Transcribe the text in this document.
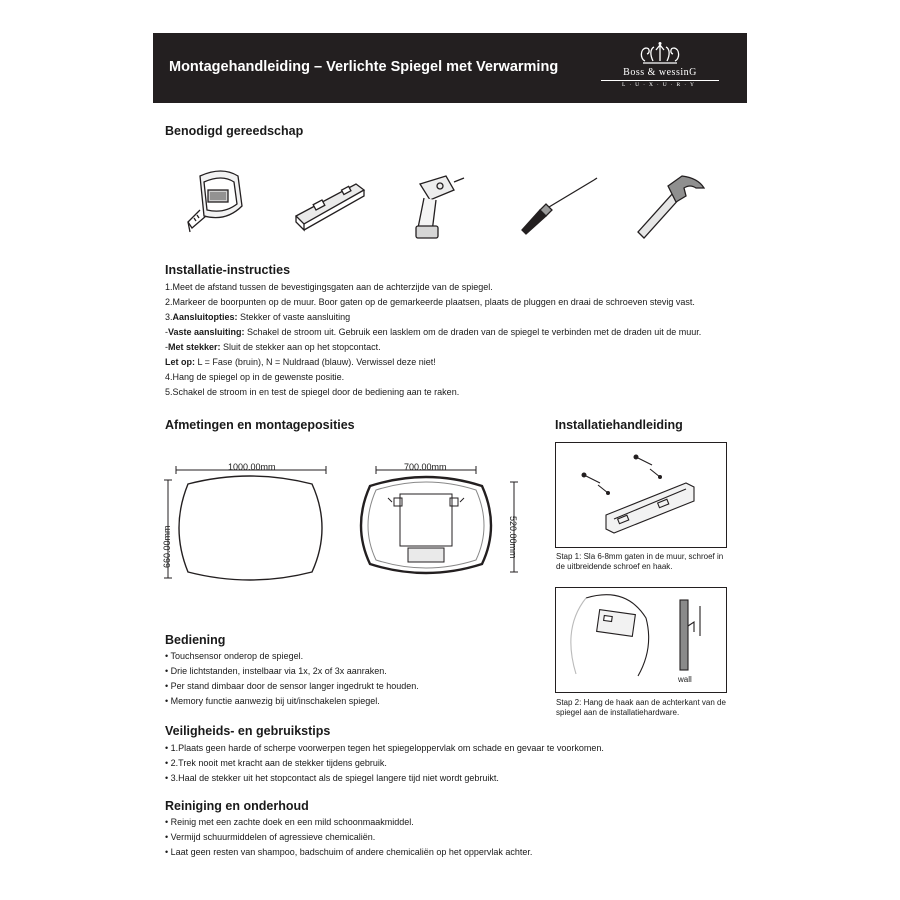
Montagehandleiding – Verlichte Spiegel met Verwarming	Boss & wessinG
L·U·X·U·R·Y
Benodigd gereedschap
Installatie-instructies
1.Meet de afstand tussen de bevestigingsgaten aan de achterzijde van de spiegel.
2.Markeer de boorpunten op de muur. Boor gaten op de gemarkeerde plaatsen, plaats de pluggen en draai de schroeven stevig vast.
3.Aansluitopties: Stekker of vaste aansluiting
-Vaste aansluiting: Schakel de stroom uit. Gebruik een lasklem om de draden van de spiegel te verbinden met de draden uit de muur.
-Met stekker: Sluit de stekker aan op het stopcontact.
Let op: L = Fase (bruin), N = Nuldraad (blauw). Verwissel deze niet!
4.Hang de spiegel op in de gewenste positie.
5.Schakel de stroom in en test de spiegel door de bediening aan te raken.
Afmetingen en montageposities
1000.00mm
660.00mm
700.00mm
520.00mm
Installatiehandleiding
Stap 1: Sla 6-8mm gaten in de muur, schroef in de uitbreidende schroef en haak.
wall
Stap 2: Hang de haak aan de achterkant van de spiegel aan de installatiehardware.
Bediening
• Touchsensor onderop de spiegel.
• Drie lichtstanden, instelbaar via 1x, 2x of 3x aanraken.
• Per stand dimbaar door de sensor langer ingedrukt te houden.
• Memory functie aanwezig bij uit/inschakelen spiegel.
Veiligheids- en gebruikstips
• 1.Plaats geen harde of scherpe voorwerpen tegen het spiegeloppervlak om schade en gevaar te voorkomen.
• 2.Trek nooit met kracht aan de stekker tijdens gebruik.
• 3.Haal de stekker uit het stopcontact als de spiegel langere tijd niet wordt gebruikt.
Reiniging en onderhoud
• Reinig met een zachte doek en een mild schoonmaakmiddel.
• Vermijd schuurmiddelen of agressieve chemicaliën.
• Laat geen resten van shampoo, badschuim of andere chemicaliën op het oppervlak achter.
